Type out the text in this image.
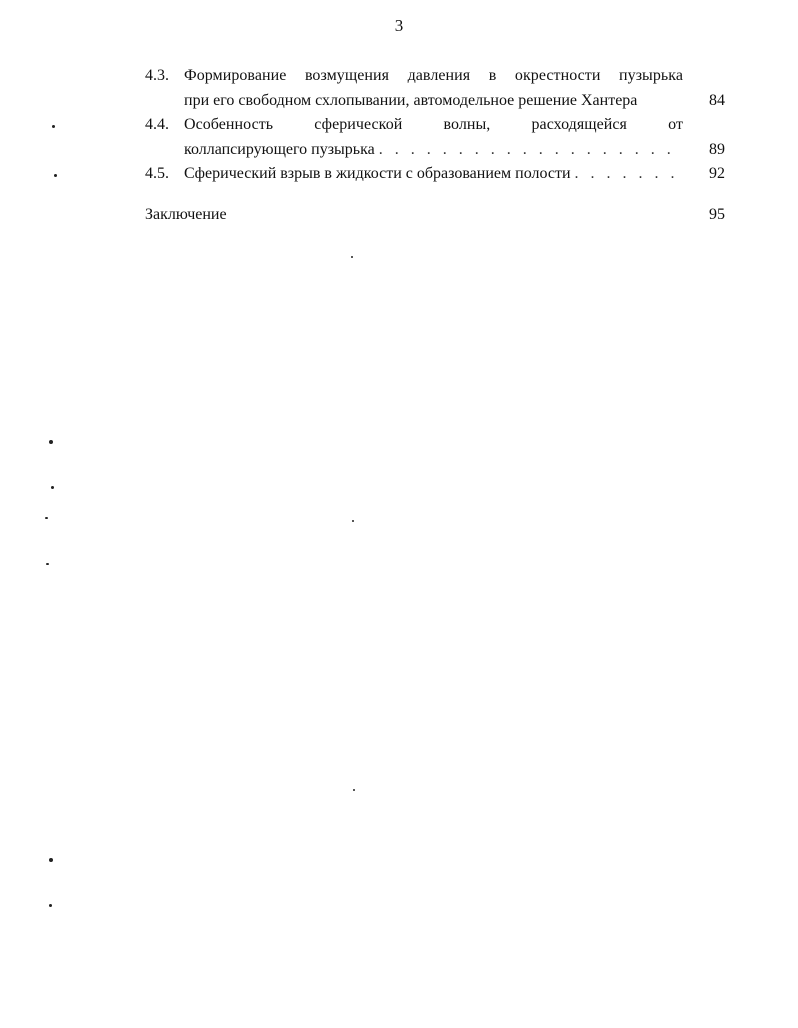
3
4.3. Формирование возмущения давления в окрестности пузырька
при его свободном схлопывании, автомодельное решение Хантера	84
4.4. Особенность сферической волны, расходящейся от
коллапсирующего пузырька . . .	89
4.5. Сферический взрыв в жидкости с образованием полости . . .	92
Заключение	95
